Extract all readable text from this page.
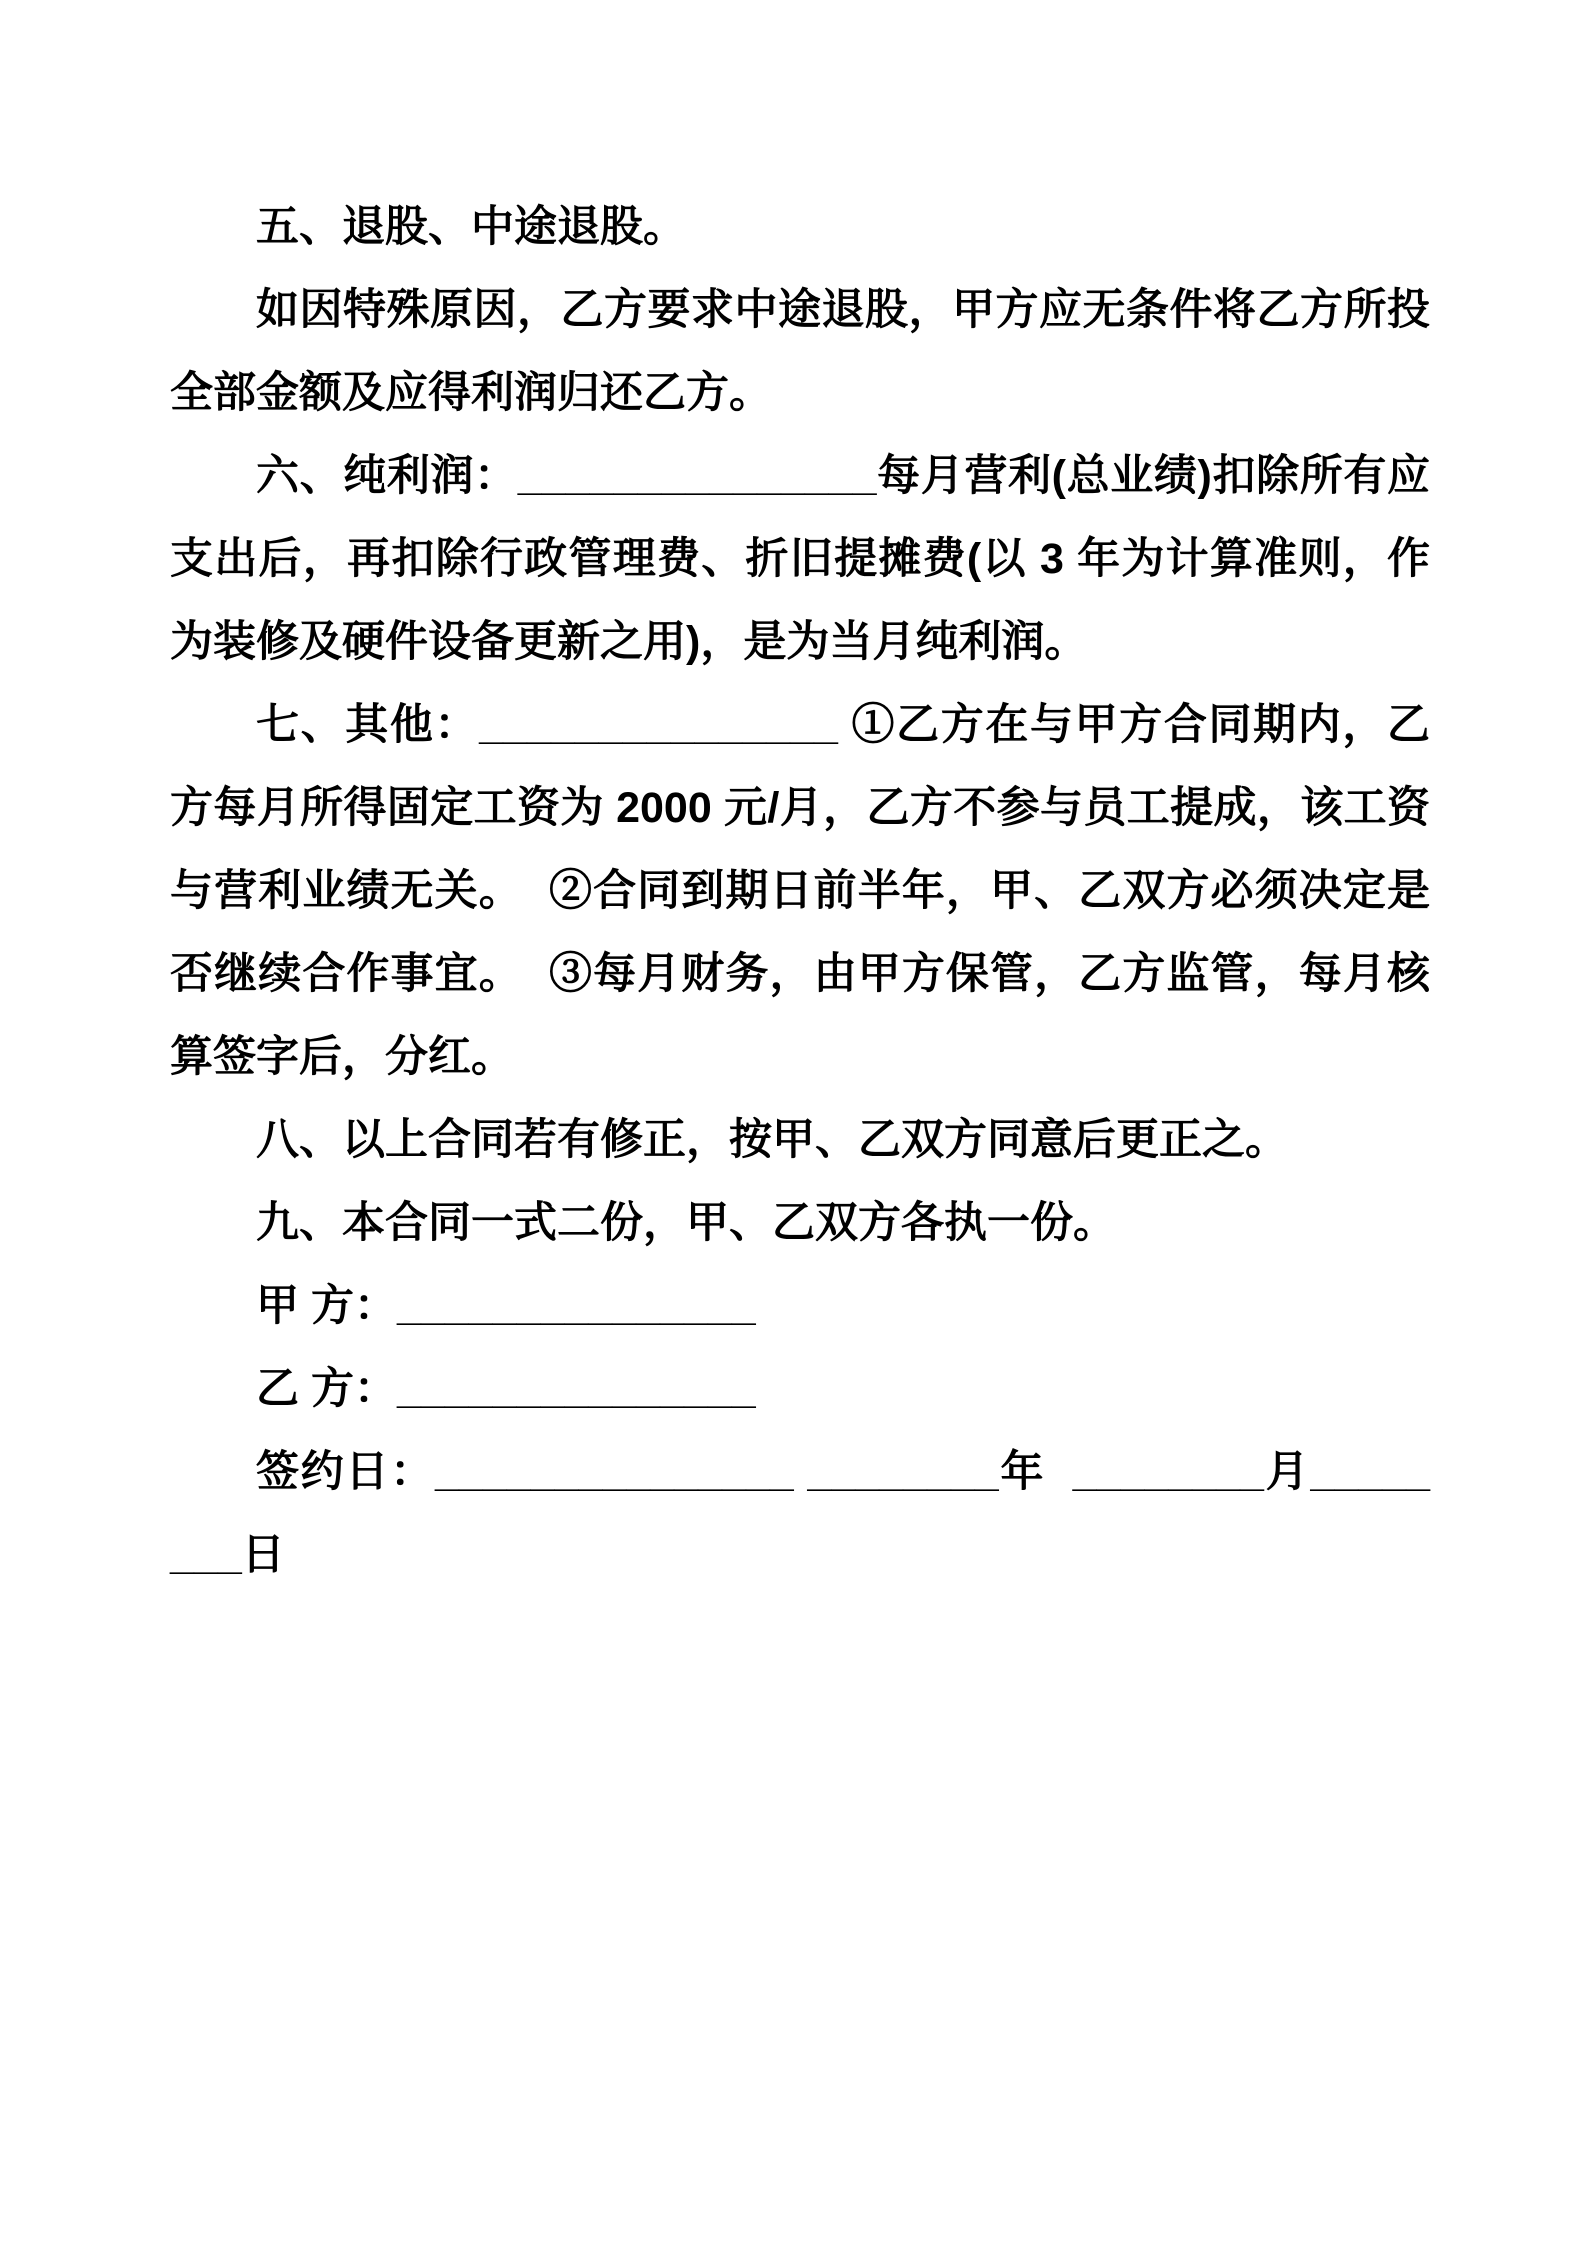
五、退股、中途退股。

如因特殊原因，乙方要求中途退股，甲方应无条件将乙方所投全部金额及应得利润归还乙方。

六、纯利润：_______________每月营利(总业绩)扣除所有应支出后，再扣除行政管理费、折旧提摊费(以 3 年为计算准则，作为装修及硬件设备更新之用)，是为当月纯利润。

七、其他：_______________ ①乙方在与甲方合同期内，乙方每月所得固定工资为 2000 元/月，乙方不参与员工提成，该工资与营利业绩无关。  ②合同到期日前半年，甲、乙双方必须决定是否继续合作事宜。  ③每月财务，由甲方保管，乙方监管，每月核算签字后，分红。

八、以上合同若有修正，按甲、乙双方同意后更正之。

九、本合同一式二份，甲、乙双方各执一份。

甲 方：_______________

乙 方：_______________

签约日：_______________ ________年  ________月________日
